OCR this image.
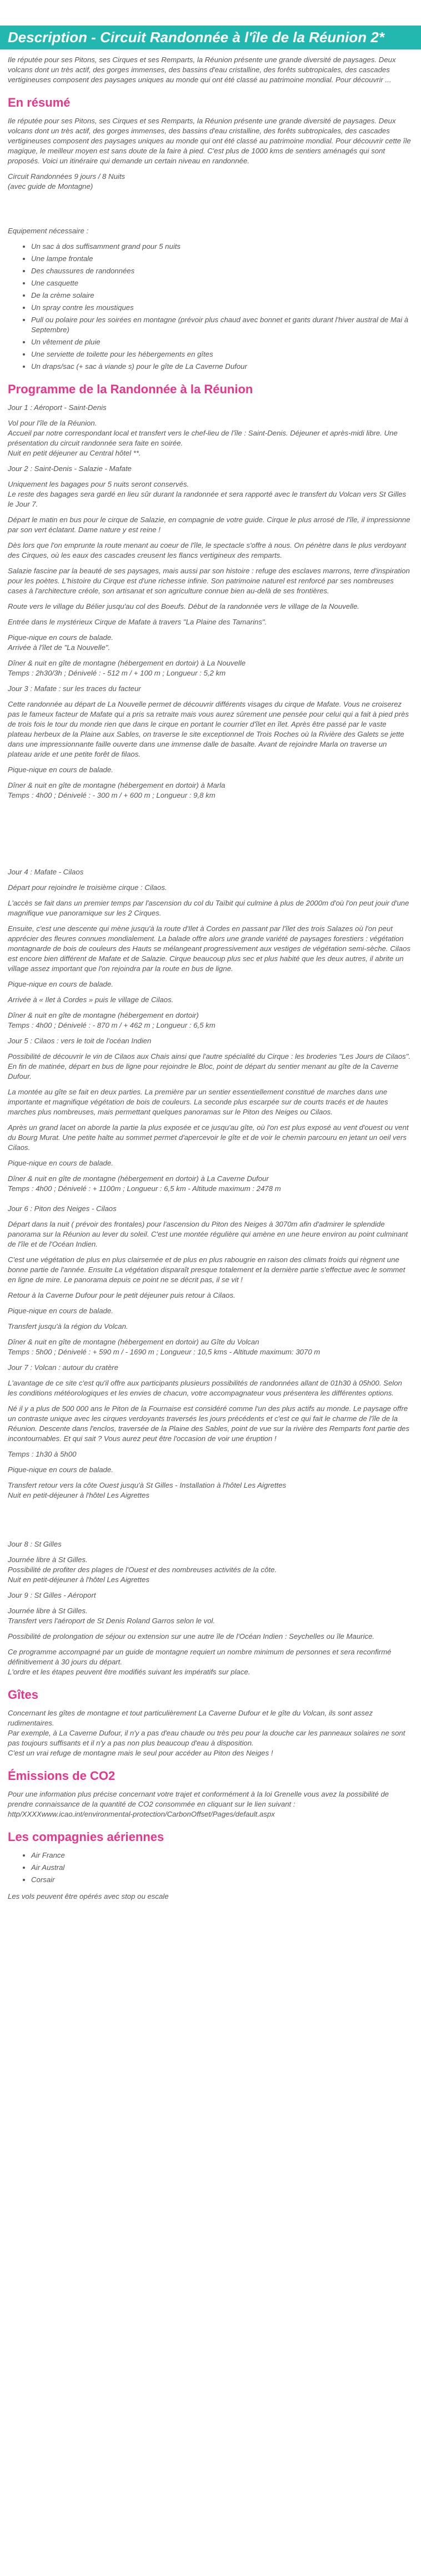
Description - Circuit Randonnée à l'île de la Réunion 2*

Ile réputée pour ses Pitons, ses Cirques et ses Remparts, la Réunion présente une grande diversité de paysages. Deux volcans dont un très actif, des gorges immenses, des bassins d'eau cristalline, des forêts subtropicales, des cascades vertigineuses composent des paysages uniques au monde qui ont été classé au patrimoine mondial. Pour découvrir ...

En résumé

Ile réputée pour ses Pitons, ses Cirques et ses Remparts, la Réunion présente une grande diversité de paysages. Deux volcans dont un très actif, des gorges immenses, des bassins d'eau cristalline, des forêts subtropicales, des cascades vertigineuses composent des paysages uniques au monde qui ont été classé au patrimoine mondial. Pour découvrir cette île magique, le meilleur moyen est sans doute de la faire à pied. C'est plus de 1000 kms de sentiers aménagés qui sont proposés. Voici un itinéraire qui demande un certain niveau en randonnée.

Circuit Randonnées 9 jours / 8 Nuits

(avec guide de Montagne)

Equipement nécessaire :

• Un sac à dos suffisamment grand pour 5 nuits
• Une lampe frontale
• Des chaussures de randonnées
• Une casquette
• De la crème solaire
• Un spray contre les moustiques
• Pull ou polaire pour les soirées en montagne (prévoir plus chaud avec bonnet et gants durant l'hiver austral de Mai à Septembre)
• Un vêtement de pluie
• Une serviette de toilette pour les hébergements en gîtes
• Un draps/sac (+ sac à viande s) pour le gîte de La Caverne Dufour
Programme de la Randonnée à la Réunion

Jour 1 : Aéroport - Saint-Denis

Vol pour l'île de la Réunion.

Accueil par notre correspondant local et transfert vers le chef-lieu de l'île : Saint-Denis. Déjeuner et après-midi libre. Une présentation du circuit randonnée sera faite en soirée.

Nuit en petit déjeuner au Central hôtel **.

Jour 2 : Saint-Denis - Salazie - Mafate

Uniquement les bagages pour 5 nuits seront conservés.

Le reste des bagages sera gardé en lieu sûr durant la randonnée et sera rapporté avec le transfert du Volcan vers St Gilles le Jour 7.

Départ le matin en bus pour le cirque de Salazie, en compagnie de votre guide. Cirque le plus arrosé de l'île, il impressionne par son vert éclatant. Dame nature y est reine !

Dès lors que l'on emprunte la route menant au coeur de l'île, le spectacle s'offre à nous. On pénètre dans le plus verdoyant des Cirques, où les eaux des cascades creusent les flancs vertigineux des remparts.

Salazie fascine par la beauté de ses paysages, mais aussi par son histoire : refuge des esclaves marrons, terre d'inspiration pour les poètes. L'histoire du Cirque est d'une richesse infinie. Son patrimoine naturel est renforcé par ses nombreuses cases à l'architecture créole, son artisanat et son agriculture connue bien au-delà de ses frontières.

Route vers le village du Bélier jusqu'au col des Boeufs. Début de la randonnée vers le village de la Nouvelle.

Entrée dans le mystérieux Cirque de Mafate à travers "La Plaine des Tamarins".

Pique-nique en cours de balade.

Arrivée à l'îlet de "La Nouvelle".

Dîner & nuit en gîte de montagne (hébergement en dortoir) à La Nouvelle

Temps : 2h30/3h ; Dénivelé : - 512 m / + 100 m ; Longueur : 5,2 km

Jour 3 : Mafate : sur les traces du facteur

Cette randonnée au départ de La Nouvelle permet de découvrir différents visages du cirque de Mafate. Vous ne croiserez pas le fameux facteur de Mafate qui a pris sa retraite mais vous aurez sûrement une pensée pour celui qui a fait à pied près de trois fois le tour du monde rien que dans le cirque en portant le courrier d'îlet en îlet. Après être passé par le vaste plateau herbeux de la Plaine aux Sables, on traverse le site exceptionnel de Trois Roches où la Rivière des Galets se jette dans une impressionnante faille ouverte dans une immense dalle de basalte. Avant de rejoindre Marla on traverse un plateau aride et une petite forêt de filaos.

Pique-nique en cours de balade.

Dîner & nuit en gîte de montagne (hébergement en dortoir) à Marla

Temps : 4h00 ; Dénivelé : - 300 m / + 600 m ; Longueur : 9,8 km

Jour 4 : Mafate - Cilaos

Départ pour rejoindre le troisième cirque : Cilaos.

L'accès se fait dans un premier temps par l'ascension du col du Taïbit qui culmine à plus de 2000m d'où l'on peut jouir d'une magnifique vue panoramique sur les 2 Cirques.

Ensuite, c'est une descente qui mène jusqu'à la route d'Ilet à Cordes en passant par l'îlet des trois Salazes où l'on peut apprécier des fleures connues mondialement. La balade offre alors une grande variété de paysages forestiers : végétation montagnarde de bois de couleurs des Hauts se mélangeant progressivement aux vestiges de végétation semi-sèche. Cilaos est encore bien différent de Mafate et de Salazie. Cirque beaucoup plus sec et plus habité que les deux autres, il abrite un village assez important que l'on rejoindra par la route en bus de ligne.

Pique-nique en cours de balade.

Arrivée à « Ilet à Cordes » puis le village de Cilaos.

Dîner & nuit en gîte de montagne (hébergement en dortoir)

Temps : 4h00 ; Dénivelé : - 870 m / + 462 m ; Longueur : 6,5 km

Jour 5 : Cilaos : vers le toit de l'océan Indien

Possibilité de découvrir le vin de Cilaos aux Chais ainsi que l'autre spécialité du Cirque : les broderies "Les Jours de Cilaos". En fin de matinée, départ en bus de ligne pour rejoindre le Bloc, point de départ du sentier menant au gîte de la Caverne Dufour.

La montée au gîte se fait en deux parties. La première par un sentier essentiellement constitué de marches dans une importante et magnifique végétation de bois de couleurs. La seconde plus escarpée sur de courts tracés et de hautes marches plus nombreuses, mais permettant quelques panoramas sur le Piton des Neiges ou Cilaos.

Après un grand lacet on aborde la partie la plus exposée et ce jusqu'au gîte, où l'on est plus exposé au vent d'ouest ou vent du Bourg Murat. Une petite halte au sommet permet d'apercevoir le gîte et de voir le chemin parcouru en jetant un oeil vers Cilaos.

Pique-nique en cours de balade.

Dîner & nuit en gîte de montagne (hébergement en dortoir) à La Caverne Dufour

Temps : 4h00 ; Dénivelé : + 1100m ; Longueur : 6,5 km - Altitude maximum : 2478 m

Jour 6 : Piton des Neiges - Cilaos

Départ dans la nuit ( prévoir des frontales) pour l'ascension du Piton des Neiges à 3070m afin d'admirer le splendide panorama sur la Réunion au lever du soleil. C'est une montée régulière qui amène en une heure environ au point culminant de l'île et de l'Océan Indien.

C'est une végétation de plus en plus clairsemée et de plus en plus rabougrie en raison des climats froids qui règnent une bonne partie de l'année. Ensuite La végétation disparaît presque totalement et la dernière partie s'effectue avec le sommet en ligne de mire. Le panorama depuis ce point ne se décrit pas, il se vit !

Retour à la Caverne Dufour pour le petit déjeuner puis retour à Cilaos.

Pique-nique en cours de balade.

Transfert jusqu'à la région du Volcan.

Dîner & nuit en gîte de montagne (hébergement en dortoir) au Gîte du Volcan

Temps : 5h00 ; Dénivelé : + 590 m / - 1690 m ; Longueur : 10,5 kms - Altitude maximum: 3070 m

Jour 7 : Volcan : autour du cratère

L'avantage de ce site c'est qu'il offre aux participants plusieurs possibilités de randonnées allant de 01h30 à 05h00. Selon les conditions météorologiques et les envies de chacun, votre accompagnateur vous présentera les différentes options.

Né il y a plus de 500 000 ans le Piton de la Fournaise est considéré comme l'un des plus actifs au monde. Le paysage offre un contraste unique avec les cirques verdoyants traversés les jours précédents et c'est ce qui fait le charme de l'île de la Réunion. Descente dans l'enclos, traversée de la Plaine des Sables, point de vue sur la rivière des Remparts font partie des incontournables. Et qui sait ? Vous aurez peut être l'occasion de voir une éruption !

Temps : 1h30 à 5h00

Pique-nique en cours de balade.

Transfert retour vers la côte Ouest jusqu'à St Gilles - Installation à l'hôtel Les Aigrettes

Nuit en petit-déjeuner à l'hôtel Les Aigrettes

Jour 8 : St Gilles

Journée libre à St Gilles.

Possibilité de profiter des plages de l'Ouest et des nombreuses activités de la côte.

Nuit en petit-déjeuner à l'hôtel Les Aigrettes

Jour 9 : St Gilles - Aéroport

Journée libre à St Gilles.

Transfert vers l'aéroport de St Denis Roland Garros selon le vol.

Possibilité de prolongation de séjour ou extension sur une autre île de l'Océan Indien : Seychelles ou île Maurice.

Ce programme accompagné par un guide de montagne requiert un nombre minimum de personnes et sera reconfirmé définitivement à 30 jours du départ.

L'ordre et les étapes peuvent être modifiés suivant les impératifs sur place.

Gîtes

Concernant les gîtes de montagne et tout particulièrement La Caverne Dufour et le gîte du Volcan, ils sont assez rudimentaires.

Par exemple, à La Caverne Dufour, il n'y a pas d'eau chaude ou très peu pour la douche car les panneaux solaires ne sont pas toujours suffisants et il n'y a pas non plus beaucoup d'eau à disposition.

C'est un vrai refuge de montagne mais le seul pour accéder au Piton des Neiges !

Émissions de CO2

Pour une information plus précise concernant votre trajet et conformément à la loi Grenelle vous avez la possibilité de prendre connaissance de la quantité de CO2 consommée en cliquant sur le lien suivant : http/XXXXwww.icao.int/environmental-protection/CarbonOffset/Pages/default.aspx

Les compagnies aériennes
• Air France
• Air Austral
• Corsair

Les vols peuvent être opérés avec stop ou escale
